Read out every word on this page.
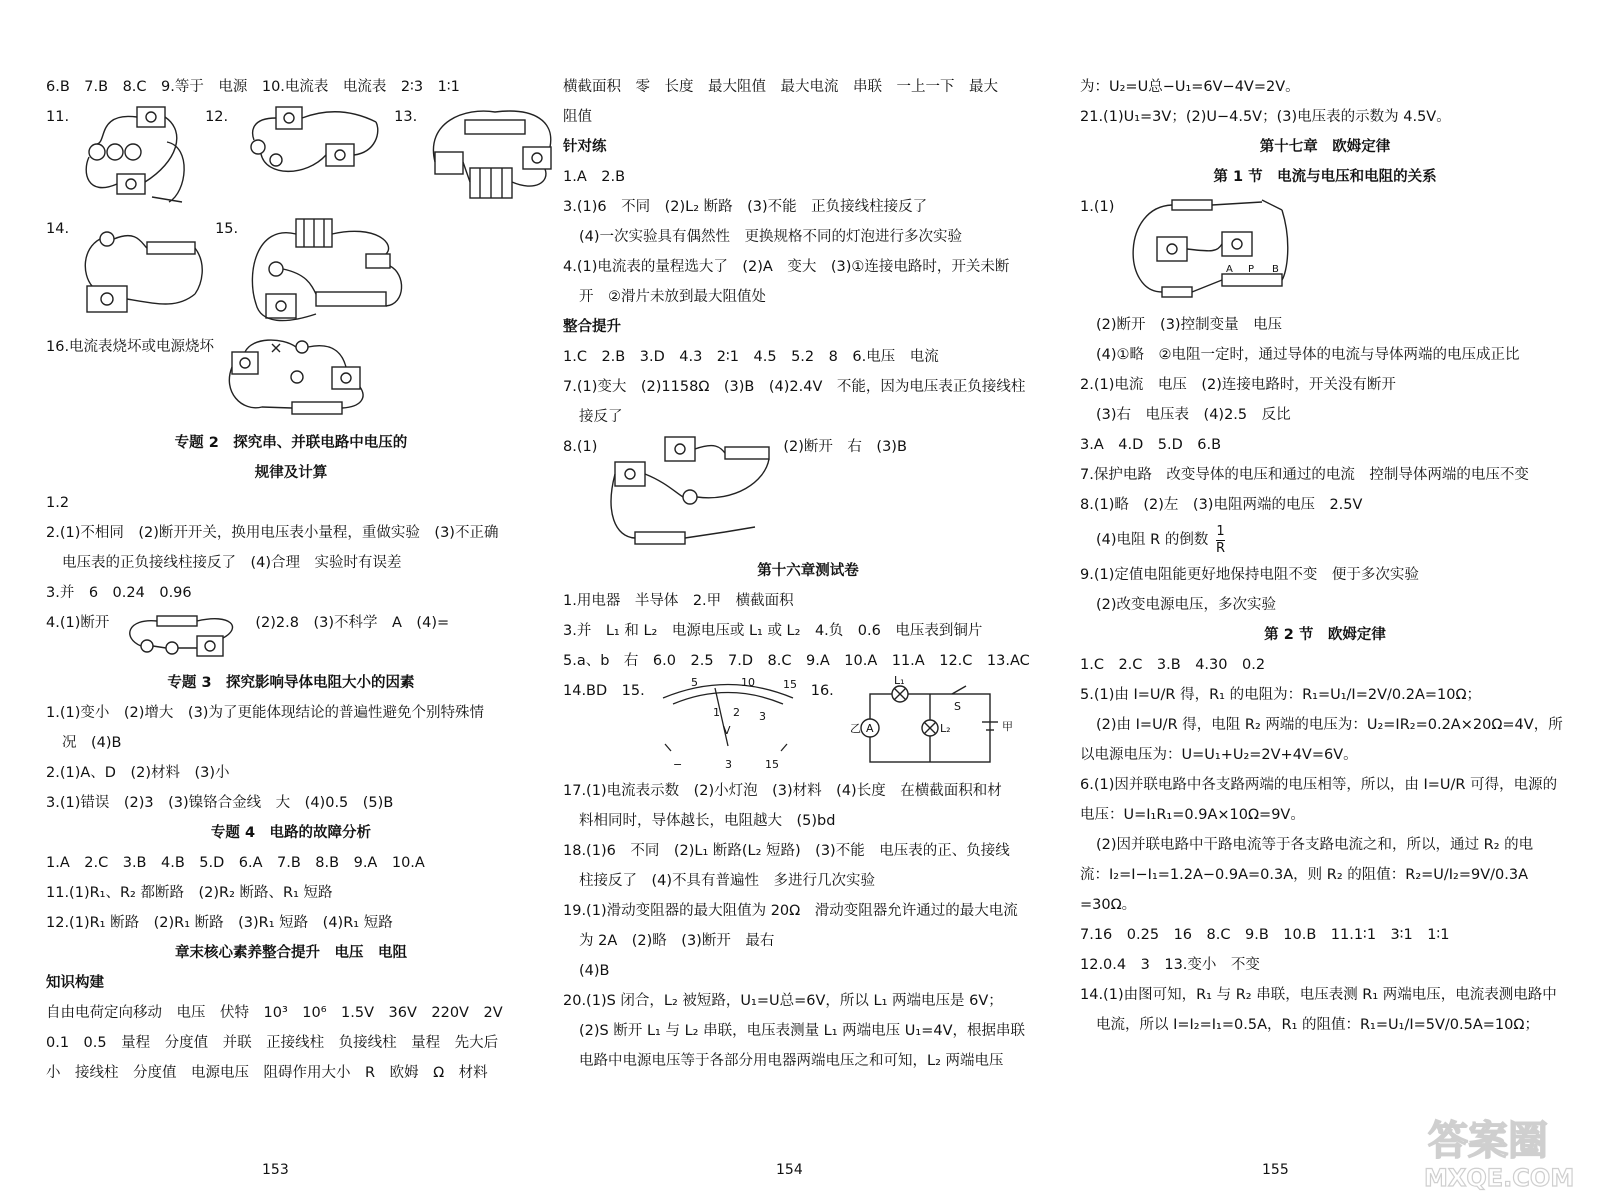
6.B　7.B　8.C　9.等于　电源　10.电流表　电流表　2∶3　1∶1
11.	12.	13.
14.	15.
16.电流表烧坏或电源烧坏
专题 2　探究串、并联电路中电压的
规律及计算
1.2
2.(1)不相同　(2)断开开关，换用电压表小量程，重做实验　(3)不正确
电压表的正负接线柱接反了　(4)合理　实验时有误差
3.并　6　0.24　0.96
4.(1)断开	(2)2.8　(3)不科学　A　(4)=
专题 3　探究影响导体电阻大小的因素
1.(1)变小　(2)增大　(3)为了更能体现结论的普遍性避免个别特殊情
况　(4)B
2.(1)A、D　(2)材料　(3)小
3.(1)错误　(2)3　(3)镍铬合金线　大　(4)0.5　(5)B
专题 4　电路的故障分析
1.A　2.C　3.B　4.B　5.D　6.A　7.B　8.B　9.A　10.A
11.(1)R₁、R₂ 都断路　(2)R₂ 断路、R₁ 短路
12.(1)R₁ 断路　(2)R₁ 断路　(3)R₁ 短路　(4)R₁ 短路
章末核心素养整合提升　电压　电阻
知识构建
自由电荷定向移动　电压　伏特　10³　10⁶　1.5V　36V　220V　2V
0.1　0.5　量程　分度值　并联　正接线柱　负接线柱　量程　先大后
小　接线柱　分度值　电源电压　阻碍作用大小　R　欧姆　Ω　材料
153
横截面积　零　长度　最大阻值　最大电流　串联　一上一下　最大
阻值
针对练
1.A　2.B
3.(1)6　不同　(2)L₂ 断路　(3)不能　正负接线柱接反了
(4)一次实验具有偶然性　更换规格不同的灯泡进行多次实验
4.(1)电流表的量程选大了　(2)A　变大　(3)①连接电路时，开关未断
开　②滑片未放到最大阻值处
整合提升
1.C　2.B　3.D　4.3　2∶1　4.5　5.2　8　6.电压　电流
7.(1)变大　(2)1158Ω　(3)B　(4)2.4V　不能，因为电压表正负接线柱
接反了
8.(1)	(2)断开　右　(3)B
第十六章测试卷
1.用电器　半导体　2.甲　横截面积
3.并　L₁ 和 L₂　电源电压或 L₁ 或 L₂　4.负　0.6　电压表到铜片
5.a、b　右　6.0　2.5　7.D　8.C　9.A　10.A　11.A　12.C　13.AC
14.BD　15.
5	10	15
1 2 3
V
−	3	15
16.
A
乙
L₁
L₂
S
甲
17.(1)电流表示数　(2)小灯泡　(3)材料　(4)长度　在横截面积和材
料相同时，导体越长，电阻越大　(5)bd
18.(1)6　不同　(2)L₁ 断路(L₂ 短路)　(3)不能　电压表的正、负接线
柱接反了　(4)不具有普遍性　多进行几次实验
19.(1)滑动变阻器的最大阻值为 20Ω　滑动变阻器允许通过的最大电流
为 2A　(2)略　(3)断开　最右
(4)B
20.(1)S 闭合，L₂ 被短路，U₁=U总=6V，所以 L₁ 两端电压是 6V；
(2)S 断开 L₁ 与 L₂ 串联，电压表测量 L₁ 两端电压 U₁=4V，根据串联
电路中电源电压等于各部分用电器两端电压之和可知，L₂ 两端电压
154
为：U₂=U总−U₁=6V−4V=2V。
21.(1)U₁=3V；(2)U−4.5V；(3)电压表的示数为 4.5V。
第十七章　欧姆定律
第 1 节　电流与电压和电阻的关系
1.(1)
A P B
(2)断开　(3)控制变量　电压
(4)①略　②电阻一定时，通过导体的电流与导体两端的电压成正比
2.(1)电流　电压　(2)连接电路时，开关没有断开
(3)右　电压表　(4)2.5　反比
3.A　4.D　5.D　6.B
7.保护电路　改变导体的电压和通过的电流　控制导体两端的电压不变
8.(1)略　(2)左　(3)电阻两端的电压　2.5V
(4)电阻 R 的倒数 $\frac{1}{R}$
9.(1)定值电阻能更好地保持电阻不变　便于多次实验
(2)改变电源电压，多次实验
第 2 节　欧姆定律
1.C　2.C　3.B　4.30　0.2
5.(1)由 I=U/R 得，R₁ 的电阻为：R₁=U₁/I=2V/0.2A=10Ω；
(2)由 I=U/R 得，电阻 R₂ 两端的电压为：U₂=IR₂=0.2A×20Ω=4V，所
以电源电压为：U=U₁+U₂=2V+4V=6V。
6.(1)因并联电路中各支路两端的电压相等，所以，由 I=U/R 可得，电源的
电压：U=I₁R₁=0.9A×10Ω=9V。
(2)因并联电路中干路电流等于各支路电流之和，所以，通过 R₂ 的电
流：I₂=I−I₁=1.2A−0.9A=0.3A，则 R₂ 的阻值：R₂=U/I₂=9V/0.3A
=30Ω。
7.16　0.25　16　8.C　9.B　10.B　11.1∶1　3∶1　1∶1
12.0.4　3　13.变小　不变
14.(1)由图可知，R₁ 与 R₂ 串联，电压表测 R₁ 两端电压，电流表测电路中
电流，所以 I=I₂=I₁=0.5A，R₁ 的阻值：R₁=U₁/I=5V/0.5A=10Ω；
155
答案圈
MXQE.COM
